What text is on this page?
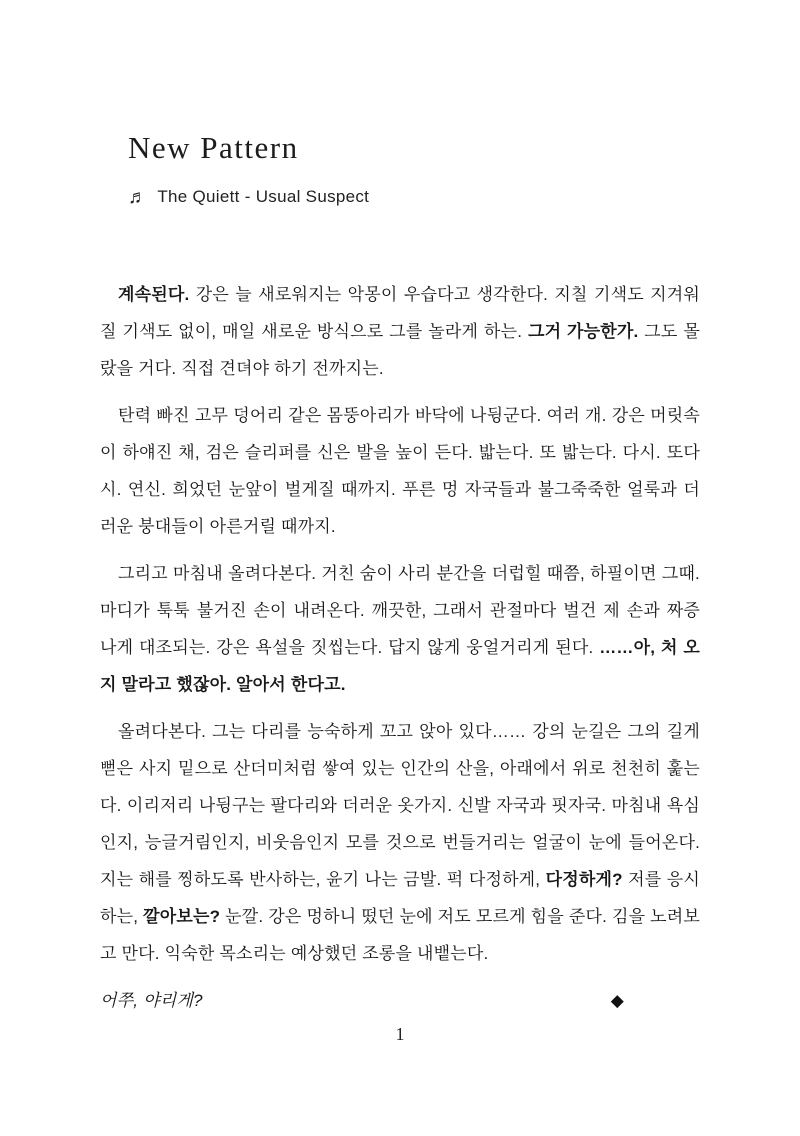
New Pattern
♬ The Quiett - Usual Suspect

계속된다. 강은 늘 새로워지는 악몽이 우습다고 생각한다. 지칠 기색도 지겨워질 기색도 없이, 매일 새로운 방식으로 그를 놀라게 하는. 그거 가능한가. 그도 몰랐을 거다. 직접 견뎌야 하기 전까지는.

탄력 빠진 고무 덩어리 같은 몸뚱아리가 바닥에 나뒹군다. 여러 개. 강은 머릿속이 하얘진 채, 검은 슬리퍼를 신은 발을 높이 든다. 밟는다. 또 밟는다. 다시. 또다시. 연신. 희었던 눈앞이 벌게질 때까지. 푸른 멍 자국들과 불그죽죽한 얼룩과 더러운 붕대들이 아른거릴 때까지.

그리고 마침내 올려다본다. 거친 숨이 사리 분간을 더럽힐 때쯤, 하필이면 그때. 마디가 툭툭 불거진 손이 내려온다. 깨끗한, 그래서 관절마다 벌건 제 손과 짜증 나게 대조되는. 강은 욕설을 짓씹는다. 답지 않게 웅얼거리게 된다. ……아, 처 오지 말라고 했잖아. 알아서 한다고.

올려다본다. 그는 다리를 능숙하게 꼬고 앉아 있다…… 강의 눈길은 그의 길게 뻗은 사지 밑으로 산더미처럼 쌓여 있는 인간의 산을, 아래에서 위로 천천히 훑는다. 이리저리 나뒹구는 팔다리와 더러운 옷가지. 신발 자국과 핏자국. 마침내 욕심인지, 능글거림인지, 비웃음인지 모를 것으로 번들거리는 얼굴이 눈에 들어온다. 지는 해를 찡하도록 반사하는, 윤기 나는 금발. 퍽 다정하게, 다정하게? 저를 응시하는, 깔아보는? 눈깔. 강은 멍하니 떴던 눈에 저도 모르게 힘을 준다. 김을 노려보고 만다. 익숙한 목소리는 예상했던 조롱을 내뱉는다.

어쭈, 야리게?	◆
1
